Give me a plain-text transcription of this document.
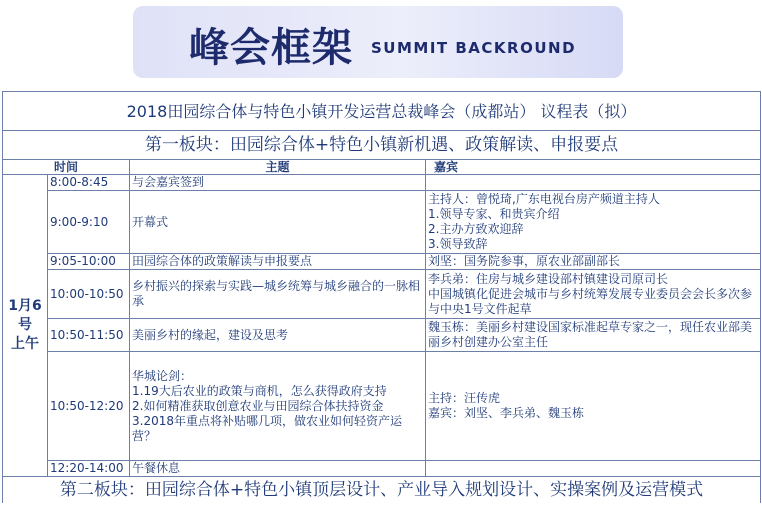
峰会框架 SUMMIT BACKROUND
2018田园综合体与特色小镇开发运营总裁峰会（成都站） 议程表（拟）			
第一板块：田园综合体+特色小镇新机遇、政策解读、申报要点			
时间		主题	嘉宾

1月6号
上午	8:00-8:45	与会嘉宾签到	
	9:00-9:10	开幕式	主持人：曾悦琦,广东电视台房产频道主持人
1.领导专家、和贵宾介绍
2.主办方致欢迎辞
3.领导致辞

	9:05-10:00	田园综合体的政策解读与申报要点	刘坚：国务院参事，原农业部副部长
	10:00-10:50	乡村振兴的探索与实践—城乡统筹与城乡融合的一脉相承	李兵弟：住房与城乡建设部村镇建设司原司长
中国城镇化促进会城市与乡村统筹发展专业委员会会长多次参与中央1号文件起草

	10:50-11:50	美丽乡村的缘起，建设及思考	魏玉栋：美丽乡村建设国家标准起草专家之一，现任农业部美丽乡村创建办公室主任
	10:50-12:20	华城论剑：
1.19大后农业的政策与商机，怎么获得政府支持
2.如何精准获取创意农业与田园综合体扶持资金
3.2018年重点将补贴哪几项，做农业如何轻资产运营？	主持：汪传虎
嘉宾：刘坚、李兵弟、魏玉栋

	12:20-14:00	午餐休息	
第二板块：田园综合体+特色小镇顶层设计、产业导入规划设计、实操案例及运营模式			
